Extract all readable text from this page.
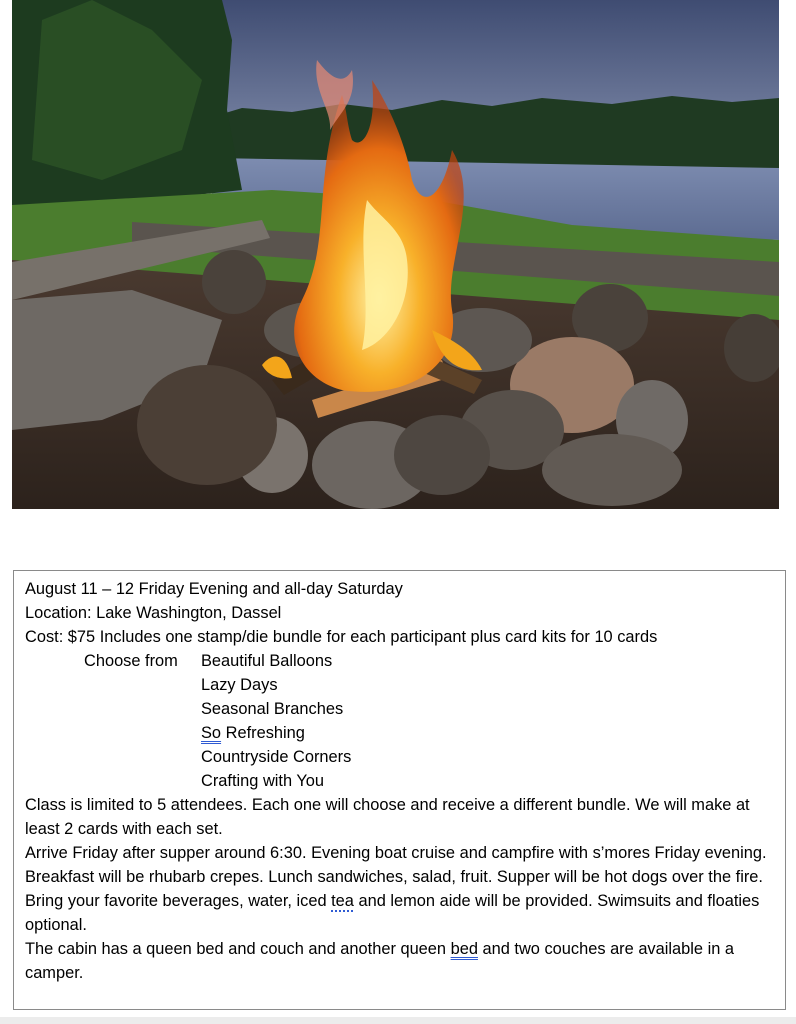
August 11 – 12 Friday Evening and all-day Saturday
Location: Lake Washington, Dassel
Cost: $75 Includes one stamp/die bundle for each participant plus card kits for 10 cards
Choose from	Beautiful Balloons
Lazy Days
Seasonal Branches
So Refreshing
Countryside Corners
Crafting with You
Class is limited to 5 attendees. Each one will choose and receive a different bundle. We will make at least 2 cards with each set.
Arrive Friday after supper around 6:30. Evening boat cruise and campfire with s’mores Friday evening. Breakfast will be rhubarb crepes. Lunch sandwiches, salad, fruit. Supper will be hot dogs over the fire. Bring your favorite beverages, water, iced tea and lemon aide will be provided. Swimsuits and floaties optional.
The cabin has a queen bed and couch and another queen bed and two couches are available in a camper.
